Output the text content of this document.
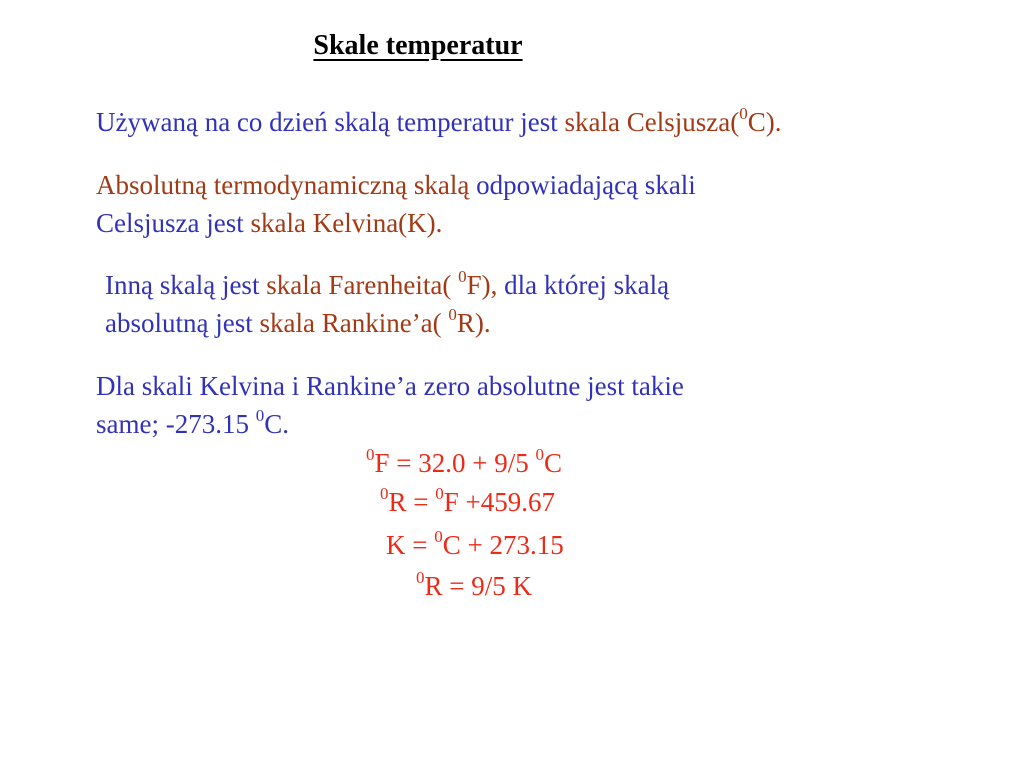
Skale temperatur
Używaną na co dzień skalą temperatur jest skala Celsjusza($^0$C).
Absolutną termodynamiczną skalą odpowiadającą skali
Celsjusza jest skala Kelvina(K).
Inną skalą jest skala Farenheita( $^0$F), dla której skalą
absolutną jest skala Rankine’a( $^0$R).
Dla skali Kelvina i Rankine’a zero absolutne jest takie
same; -273.15 $^0$C.
$^0$F = 32.0 + 9/5 $^0$C
$^0$R = $^0$F +459.67
K = $^0$C + 273.15
$^0$R = 9/5 K
